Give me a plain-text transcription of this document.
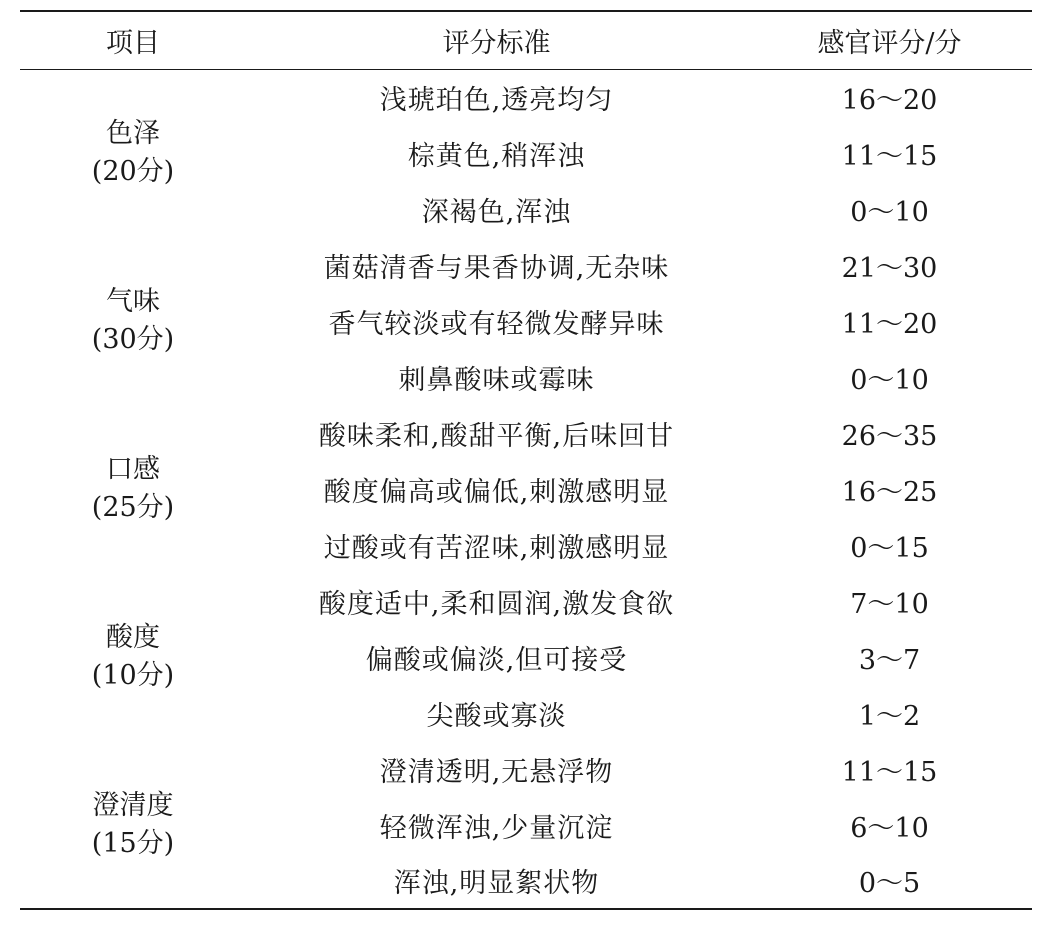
项目	评分标准	感官评分/分

色泽
(20分)	浅琥珀色,透亮均匀	16～20
	棕黄色,稍浑浊	11～15
	深褐色,浑浊	0～10

气味
(30分)	菌菇清香与果香协调,无杂味	21～30
	香气较淡或有轻微发酵异味	11～20
	刺鼻酸味或霉味	0～10

口感
(25分)	酸味柔和,酸甜平衡,后味回甘	26～35
	酸度偏高或偏低,刺激感明显	16～25
	过酸或有苦涩味,刺激感明显	0～15

酸度
(10分)	酸度适中,柔和圆润,激发食欲	7～10
	偏酸或偏淡,但可接受	3～7
	尖酸或寡淡	1～2

澄清度
(15分)	澄清透明,无悬浮物	11～15
	轻微浑浊,少量沉淀	6～10
	浑浊,明显絮状物	0～5
